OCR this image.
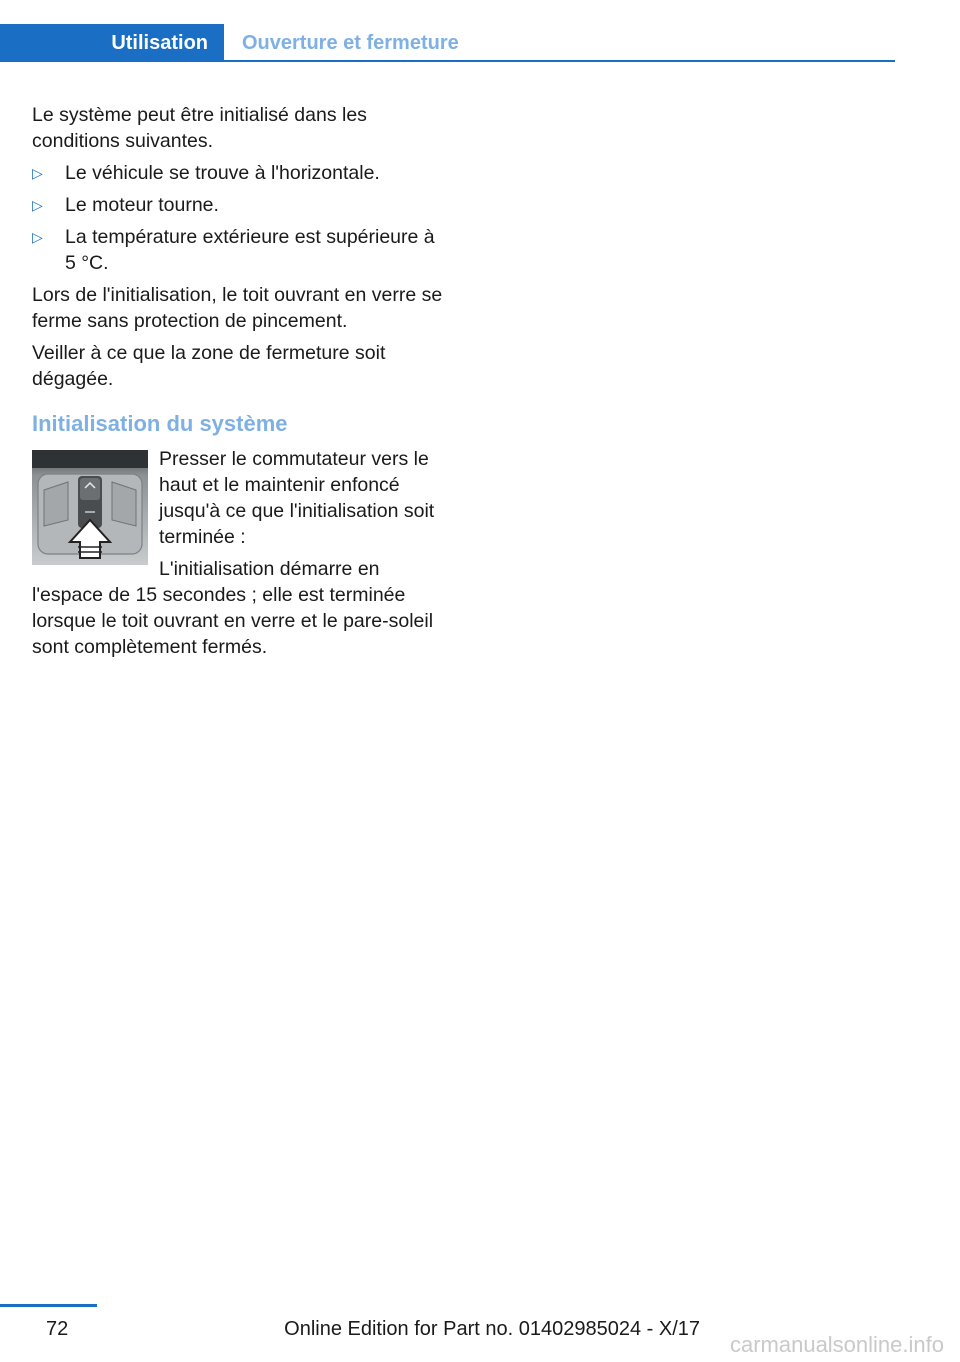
Utilisation	Ouverture et fermeture

Le système peut être initialisé dans les conditions suivantes.

▷ Le véhicule se trouve à l'horizontale.
▷ Le moteur tourne.
▷ La température extérieure est supérieure à 5 °C.

Lors de l'initialisation, le toit ouvrant en verre se ferme sans protection de pincement.

Veiller à ce que la zone de fermeture soit dégagée.

Initialisation du système

Presser le commutateur vers le haut et le maintenir enfoncé jusqu'à ce que l'initialisation soit terminée :

L'initialisation démarre en l'espace de 15 secondes ; elle est terminée lorsque le toit ouvrant en verre et le pare-soleil sont complètement fermés.

72	Online Edition for Part no. 01402985024 - X/17
carmanualsonline.info
